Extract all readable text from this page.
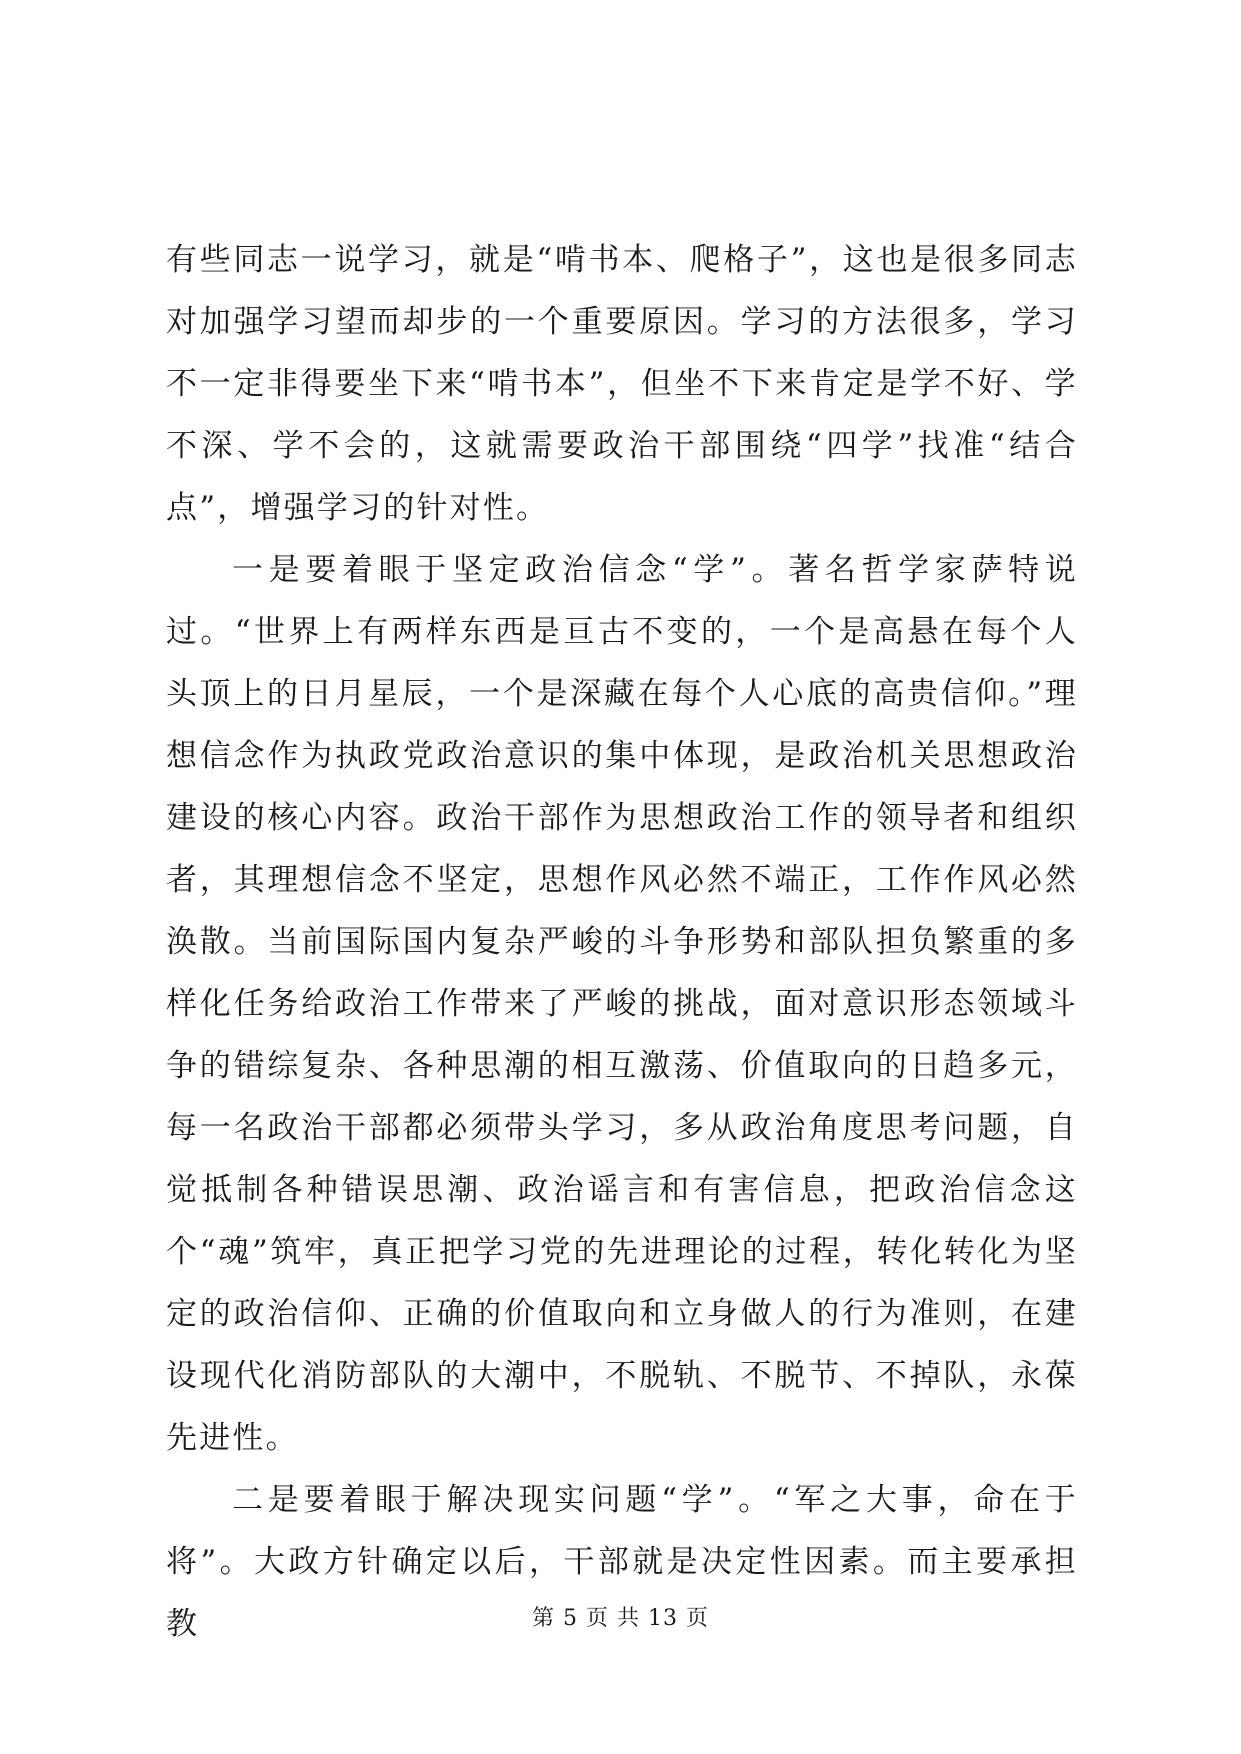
有些同志一说学习，就是“啃书本、爬格子”，这也是很多同志对加强学习望而却步的一个重要原因。学习的方法很多，学习不一定非得要坐下来“啃书本”，但坐不下来肯定是学不好、学不深、学不会的，这就需要政治干部围绕“四学”找准“结合点”，增强学习的针对性。

一是要着眼于坚定政治信念“学”。著名哲学家萨特说过。“世界上有两样东西是亘古不变的，一个是高悬在每个人头顶上的日月星辰，一个是深藏在每个人心底的高贵信仰。”理想信念作为执政党政治意识的集中体现，是政治机关思想政治建设的核心内容。政治干部作为思想政治工作的领导者和组织者，其理想信念不坚定，思想作风必然不端正，工作作风必然涣散。当前国际国内复杂严峻的斗争形势和部队担负繁重的多样化任务给政治工作带来了严峻的挑战，面对意识形态领域斗争的错综复杂、各种思潮的相互激荡、价值取向的日趋多元，每一名政治干部都必须带头学习，多从政治角度思考问题，自觉抵制各种错误思潮、政治谣言和有害信息，把政治信念这个“魂”筑牢，真正把学习党的先进理论的过程，转化转化为坚定的政治信仰、正确的价值取向和立身做人的行为准则，在建设现代化消防部队的大潮中，不脱轨、不脱节、不掉队，永葆先进性。

二是要着眼于解决现实问题“学”。“军之大事，命在于将”。大政方针确定以后，干部就是决定性因素。而主要承担教	第 5 页 共 13 页
